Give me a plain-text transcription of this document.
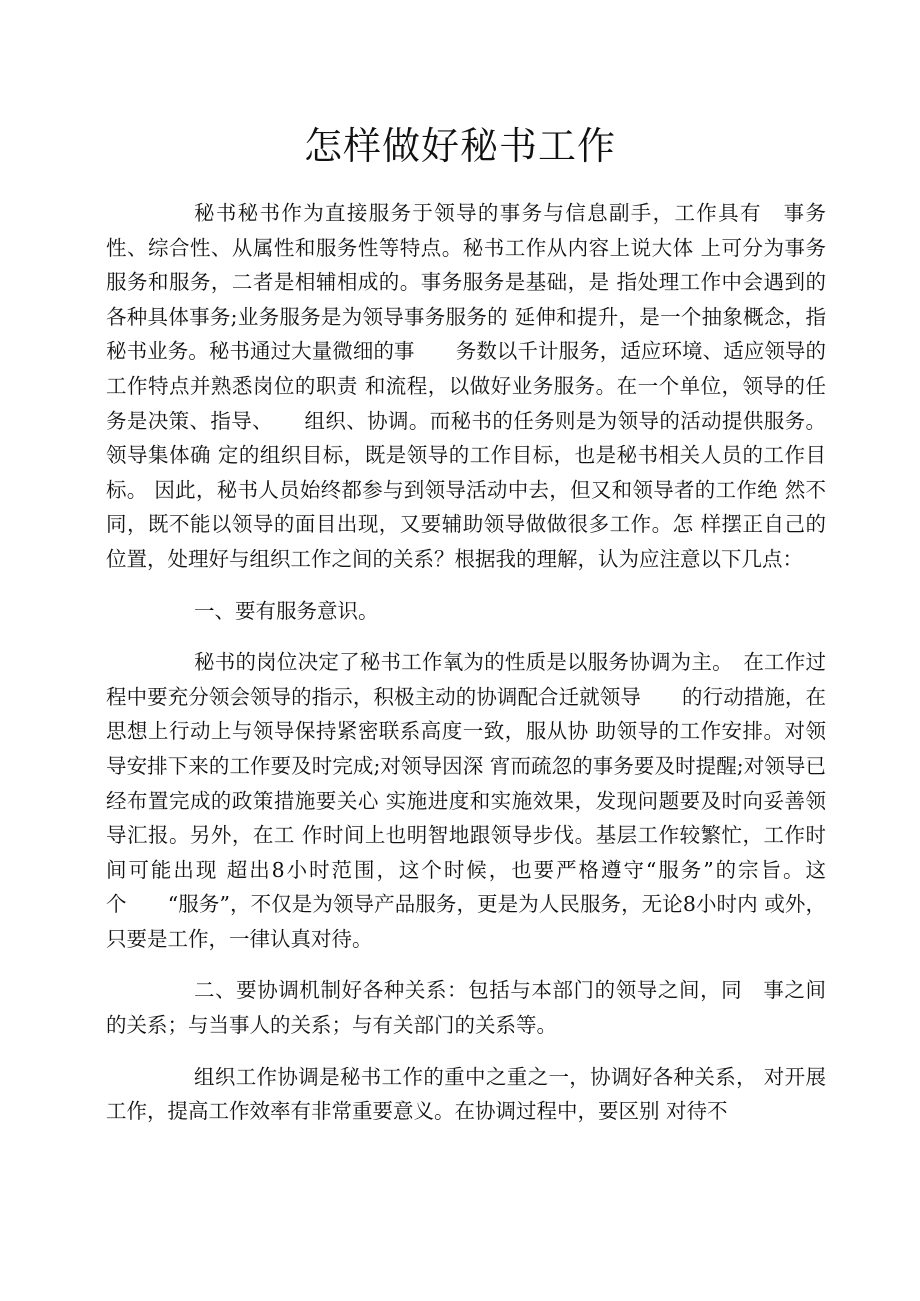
怎样做好秘书工作

秘书秘书作为直接服务于领导的事务与信息副手，工作具有　事务性、综合性、从属性和服务性等特点。秘书工作从内容上说大体 上可分为事务服务和服务，二者是相辅相成的。事务服务是基础，是 指处理工作中会遇到的各种具体事务;业务服务是为领导事务服务的 延伸和提升，是一个抽象概念，指秘书业务。秘书通过大量微细的事　　务数以千计服务，适应环境、适应领导的工作特点并熟悉岗位的职责 和流程，以做好业务服务。在一个单位，领导的任务是决策、指导、　　组织、协调。而秘书的任务则是为领导的活动提供服务。领导集体确 定的组织目标，既是领导的工作目标，也是秘书相关人员的工作目标。 因此，秘书人员始终都参与到领导活动中去，但又和领导者的工作绝 然不同，既不能以领导的面目出现，又要辅助领导做做很多工作。怎 样摆正自己的位置，处理好与组织工作之间的关系？根据我的理解，认为应注意以下几点：

一、要有服务意识。

秘书的岗位决定了秘书工作氧为的性质是以服务协调为主。　在工作过程中要充分领会领导的指示，积极主动的协调配合迁就领导　　的行动措施，在思想上行动上与领导保持紧密联系高度一致，服从协 助领导的工作安排。对领导安排下来的工作要及时完成;对领导因深 宵而疏忽的事务要及时提醒;对领导已经布置完成的政策措施要关心 实施进度和实施效果，发现问题要及时向妥善领导汇报。另外，在工 作时间上也明智地跟领导步伐。基层工作较繁忙，工作时间可能出现 超出8小时范围，这个时候，也要严格遵守“服务”的宗旨。这个　　“服务”，不仅是为领导产品服务，更是为人民服务，无论8小时内 或外，只要是工作，一律认真对待。

二、要协调机制好各种关系：包括与本部门的领导之间，同　事之间的关系；与当事人的关系；与有关部门的关系等。

组织工作协调是秘书工作的重中之重之一，协调好各种关系， 对开展工作，提高工作效率有非常重要意义。在协调过程中，要区别 对待不
